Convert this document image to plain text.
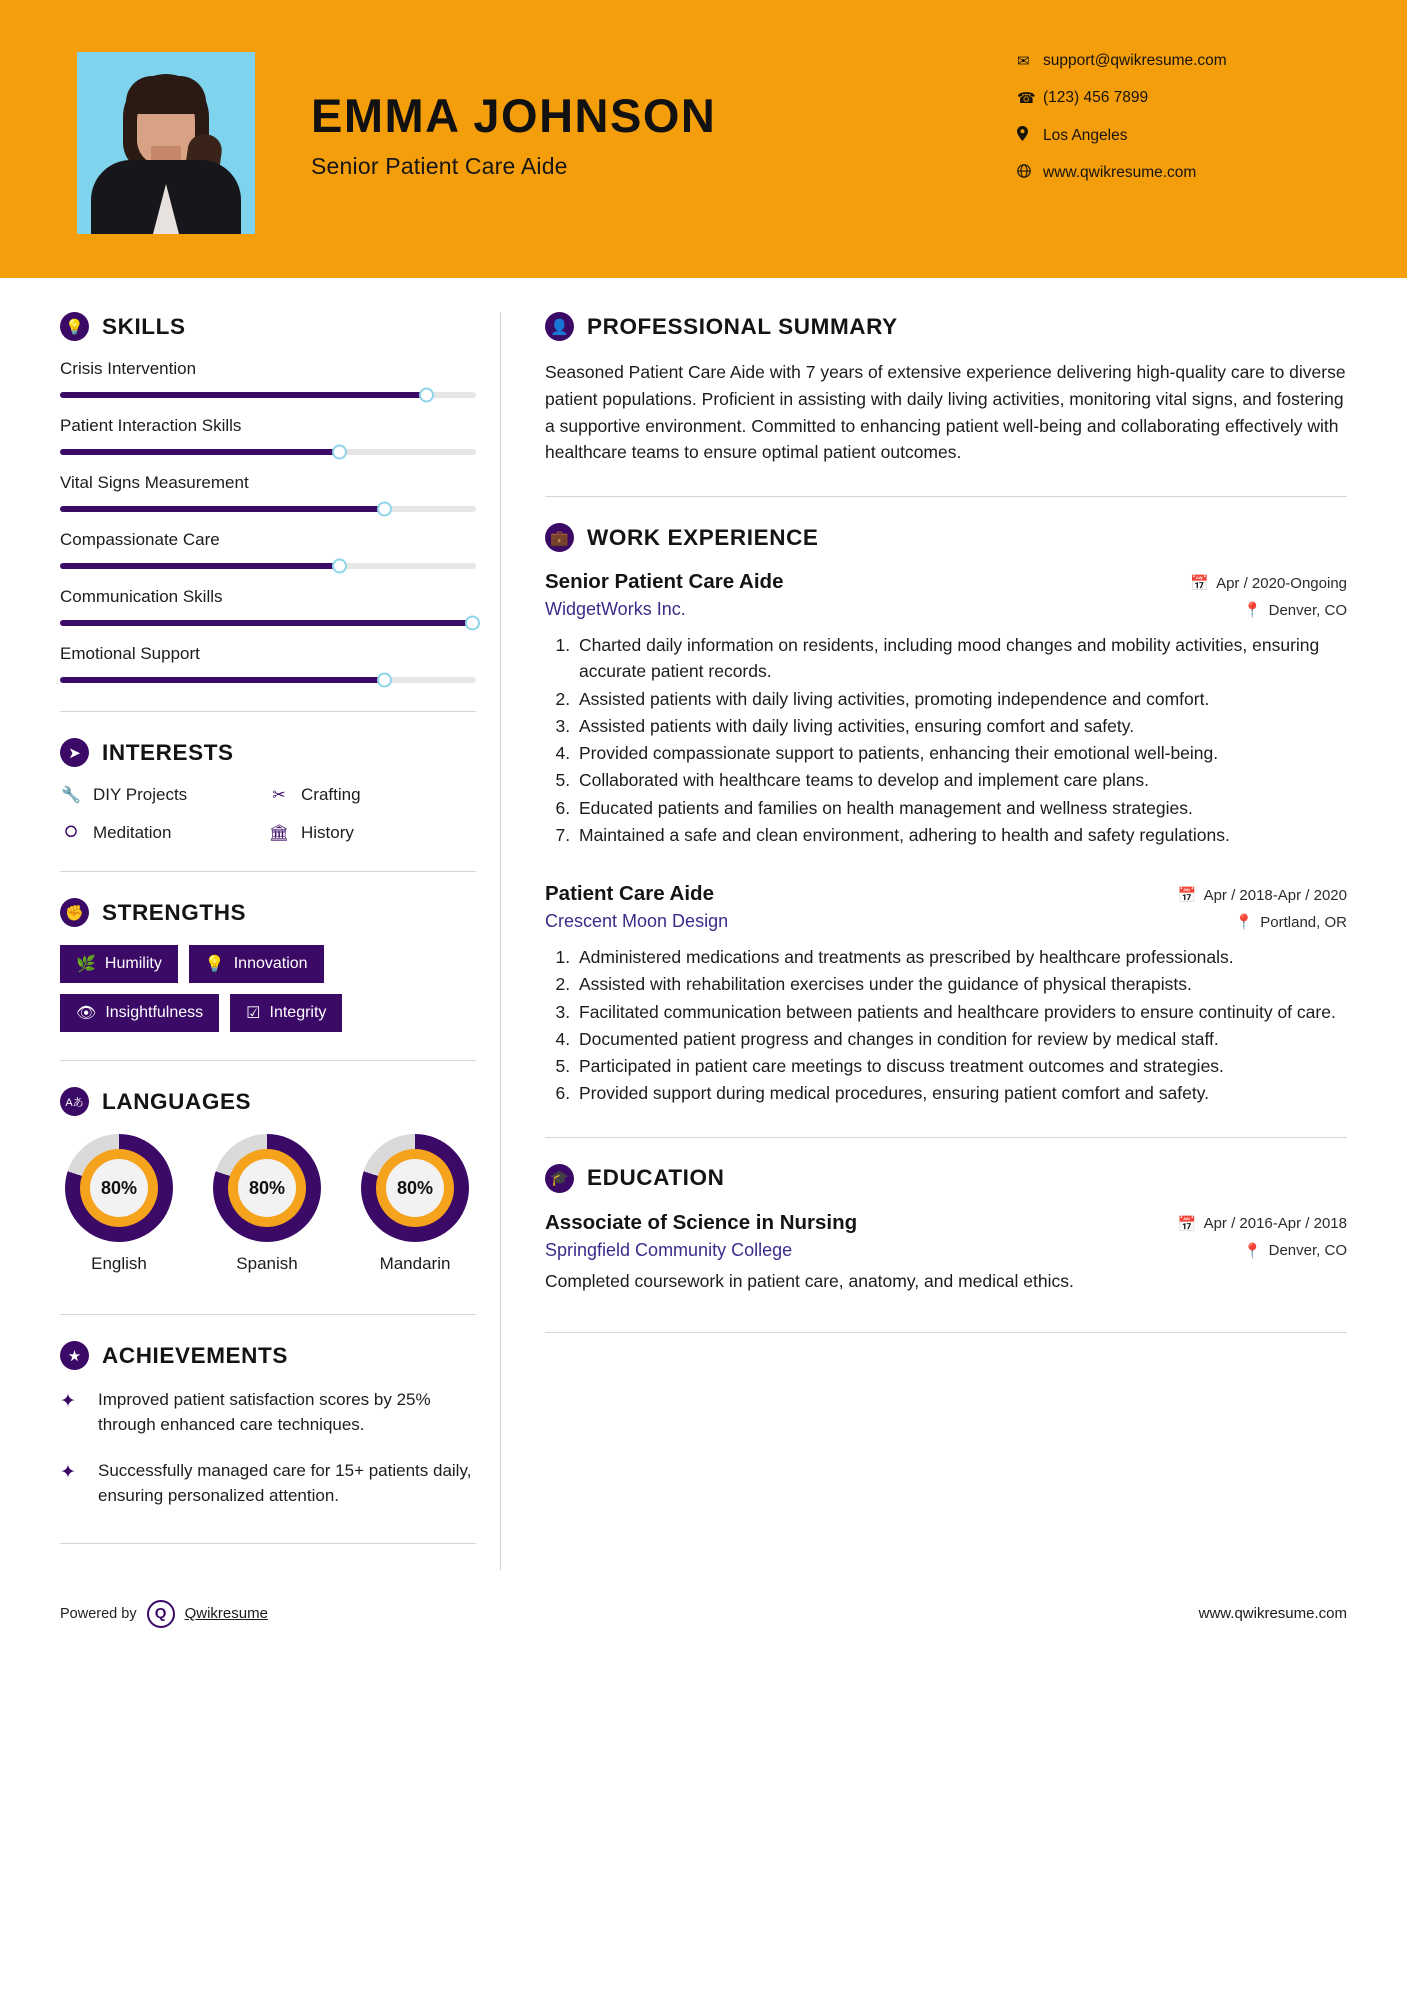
EMMA JOHNSON
Senior Patient Care Aide
✉ support@qwikresume.com
☎ (123) 456 7899
Los Angeles
www.qwikresume.com
💡 SKILLS
Crisis Intervention
Patient Interaction Skills
Vital Signs Measurement
Compassionate Care
Communication Skills
Emotional Support
➤ INTERESTS
🔧 DIY Projects	✂ Crafting
⭘ Meditation	🏛 History
✊ STRENGTHS
🌿 Humility	💡 Innovation
👁 Insightfulness	☑ Integrity
Aあ LANGUAGES
80%
English
80%
Spanish
80%
Mandarin
★ ACHIEVEMENTS
✦	Improved patient satisfaction scores by 25% through enhanced care techniques.
✦	Successfully managed care for 15+ patients daily, ensuring personalized attention.
👤 PROFESSIONAL SUMMARY
Seasoned Patient Care Aide with 7 years of extensive experience delivering high-quality care to diverse patient populations. Proficient in assisting with daily living activities, monitoring vital signs, and fostering a supportive environment. Committed to enhancing patient well-being and collaborating effectively with healthcare teams to ensure optimal patient outcomes.
💼 WORK EXPERIENCE
Senior Patient Care Aide	📅 Apr / 2020-Ongoing
WidgetWorks Inc.	📍 Denver, CO
1. Charted daily information on residents, including mood changes and mobility activities, ensuring accurate patient records.
2. Assisted patients with daily living activities, promoting independence and comfort.
3. Assisted patients with daily living activities, ensuring comfort and safety.
4. Provided compassionate support to patients, enhancing their emotional well-being.
5. Collaborated with healthcare teams to develop and implement care plans.
6. Educated patients and families on health management and wellness strategies.
7. Maintained a safe and clean environment, adhering to health and safety regulations.
Patient Care Aide	📅 Apr / 2018-Apr / 2020
Crescent Moon Design	📍 Portland, OR
1. Administered medications and treatments as prescribed by healthcare professionals.
2. Assisted with rehabilitation exercises under the guidance of physical therapists.
3. Facilitated communication between patients and healthcare providers to ensure continuity of care.
4. Documented patient progress and changes in condition for review by medical staff.
5. Participated in patient care meetings to discuss treatment outcomes and strategies.
6. Provided support during medical procedures, ensuring patient comfort and safety.
🎓 EDUCATION
Associate of Science in Nursing	📅 Apr / 2016-Apr / 2018
Springfield Community College	📍 Denver, CO
Completed coursework in patient care, anatomy, and medical ethics.
Powered by	Q	Qwikresume	www.qwikresume.com
